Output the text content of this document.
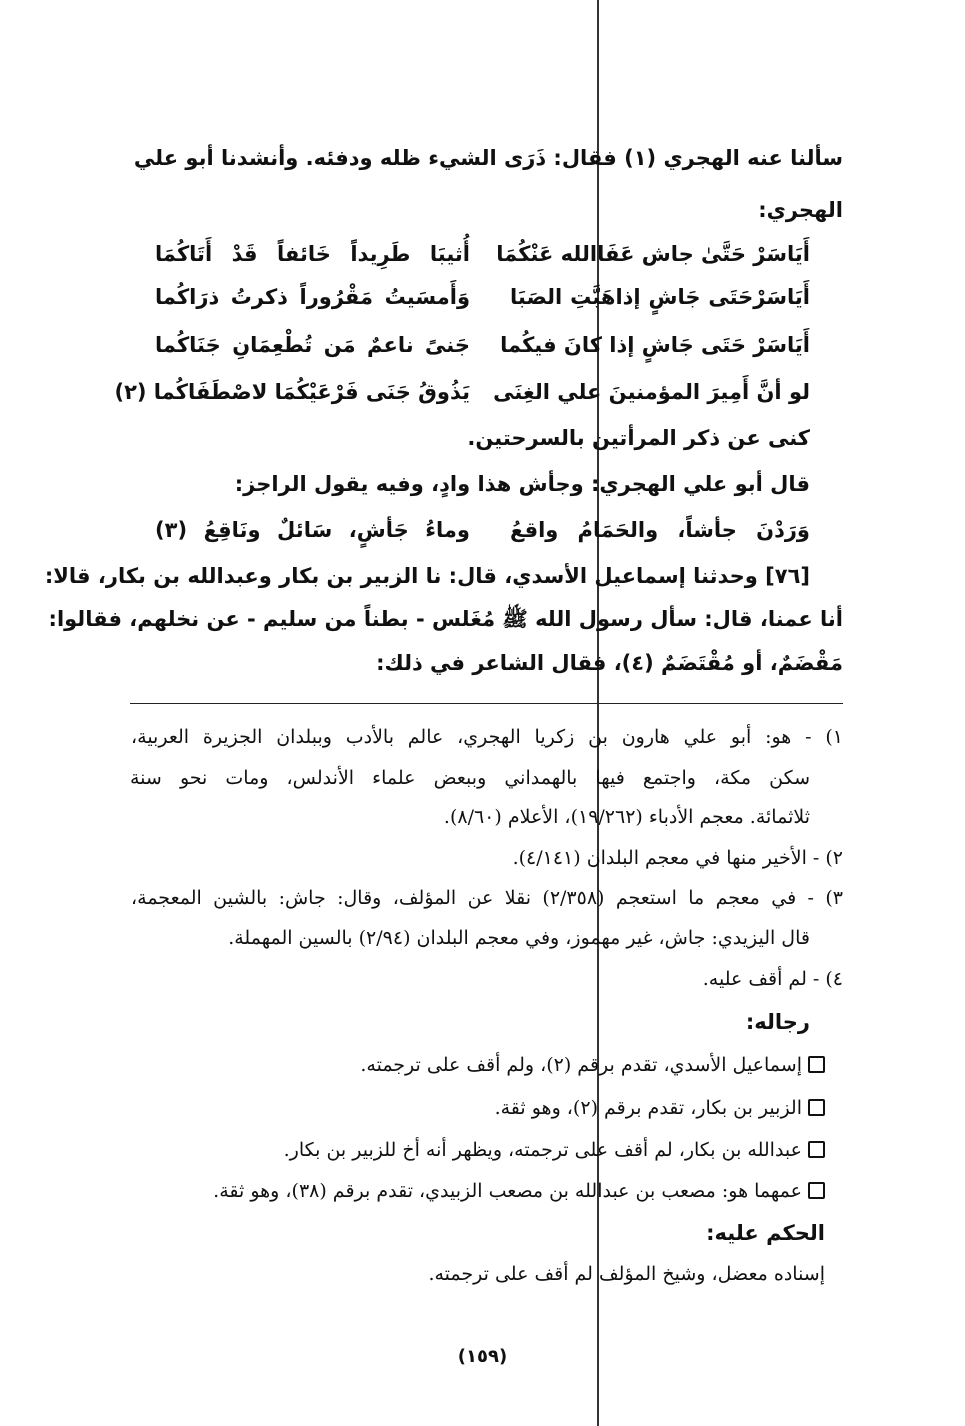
سألنا عنه الهجري (١) فقال: ذَرَى الشيء ظله ودفئه. وأنشدنا أبو علي
الهجري:
أَيَاسَرْ حَتَّىٰ جاش عَفَاالله عَنْكُمَا
أُثيبَا طَرِيداً خَائفاً قَدْ أَتَاكُمَا
أَيَاسَرْحَتَى جَاشٍ إذاهَبَّتِ الصَبَا
وَأَمسَيتُ مَقْرُوراً ذكرتُ ذرَاكُما
أَيَاسَرْ حَتَى جَاشٍ إذا كانَ فيكُما
جَنىً ناعمٌ مَن تُطْعِمَانِ جَنَاكُما
لو أنَّ أَمِيرَ المؤمنينَ علي الغِنَى
يَذُوقُ جَنَى فَرْعَيْكُمَا لاصْطَفَاكُما (٢)
كنى عن ذكر المرأتين بالسرحتين.
قال أبو علي الهجري: وجأش هذا وادٍ، وفيه يقول الراجز:
وَرَدْنَ جأشاً، والحَمَامُ واقعُ
وماءُ جَأشٍ، سَائلٌ ونَاقِعُ (٣)
[٧٦] وحدثنا إسماعيل الأسدي، قال: نا الزبير بن بكار وعبدالله بن بكار، قالا:
أنا عمنا، قال: سأل رسول الله ﷺ مُغَلس - بطناً من سليم - عن نخلهم، فقالوا:
مَقْضَمٌ، أو مُقْتَضَمٌ (٤)، فقال الشاعر في ذلك:
١) - هو: أبو علي هارون بن زكريا الهجري، عالم بالأدب وببلدان الجزيرة العربية،
سكن مكة، واجتمع فيها بالهمداني وببعض علماء الأندلس، ومات نحو سنة
ثلاثمائة. معجم الأدباء (١٩/٢٦٢)، الأعلام (٨/٦٠).
٢) - الأخير منها في معجم البلدان (٤/١٤١).
٣) - في معجم ما استعجم (٢/٣٥٨) نقلا عن المؤلف، وقال: جاش: بالشين المعجمة،
قال اليزيدي: جاش، غير مهموز، وفي معجم البلدان (٢/٩٤) بالسين المهملة.
٤) - لم أقف عليه.
رجاله:
إسماعيل الأسدي، تقدم برقم (٢)، ولم أقف على ترجمته.
الزبير بن بكار، تقدم برقم (٢)، وهو ثقة.
عبدالله بن بكار، لم أقف على ترجمته، ويظهر أنه أخ للزبير بن بكار.
عمهما هو: مصعب بن عبدالله بن مصعب الزبيدي، تقدم برقم (٣٨)، وهو ثقة.
الحكم عليه:
إسناده معضل، وشيخ المؤلف لم أقف على ترجمته.
(١٥٩)
